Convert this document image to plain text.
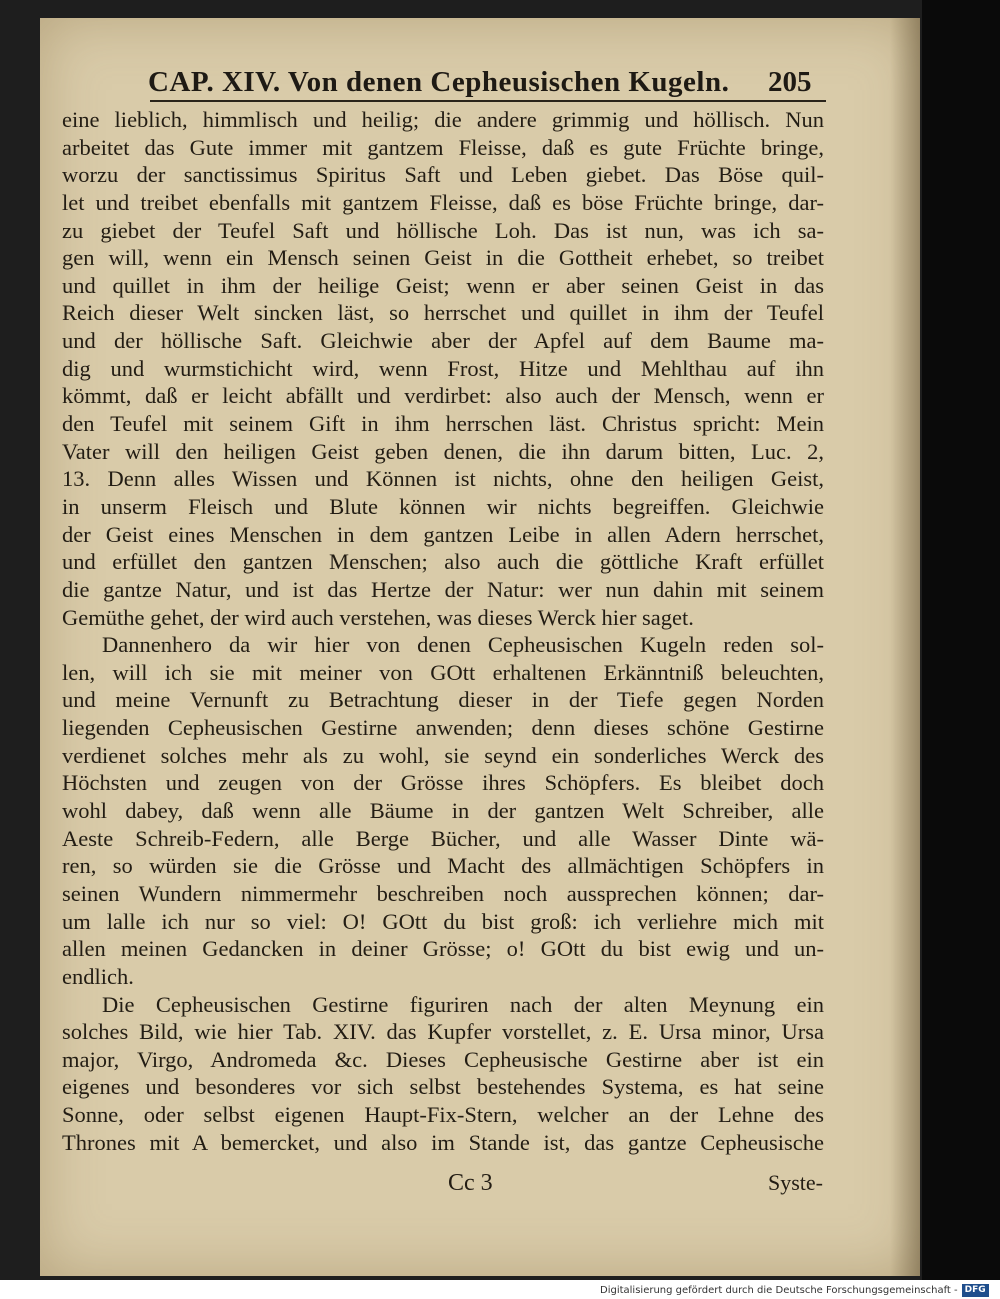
CAP. XIV. Von denen Cepheusischen Kugeln. 205
eine lieblich, himmlisch und heilig; die andere grimmig und höllisch. Nun
arbeitet das Gute immer mit gantzem Fleisse, daß es gute Früchte bringe,
worzu der sanctissimus Spiritus Saft und Leben giebet. Das Böse quil-
let und treibet ebenfalls mit gantzem Fleisse, daß es böse Früchte bringe, dar-
zu giebet der Teufel Saft und höllische Loh. Das ist nun, was ich sa-
gen will, wenn ein Mensch seinen Geist in die Gottheit erhebet, so treibet
und quillet in ihm der heilige Geist; wenn er aber seinen Geist in das
Reich dieser Welt sincken läst, so herrschet und quillet in ihm der Teufel
und der höllische Saft. Gleichwie aber der Apfel auf dem Baume ma-
dig und wurmstichicht wird, wenn Frost, Hitze und Mehlthau auf ihn
kömmt, daß er leicht abfällt und verdirbet: also auch der Mensch, wenn er
den Teufel mit seinem Gift in ihm herrschen läst. Christus spricht: Mein
Vater will den heiligen Geist geben denen, die ihn darum bitten, Luc. 2,
13. Denn alles Wissen und Können ist nichts, ohne den heiligen Geist,
in unserm Fleisch und Blute können wir nichts begreiffen. Gleichwie
der Geist eines Menschen in dem gantzen Leibe in allen Adern herrschet,
und erfüllet den gantzen Menschen; also auch die göttliche Kraft erfüllet
die gantze Natur, und ist das Hertze der Natur: wer nun dahin mit seinem
Gemüthe gehet, der wird auch verstehen, was dieses Werck hier saget.
Dannenhero da wir hier von denen Cepheusischen Kugeln reden sol-
len, will ich sie mit meiner von GOtt erhaltenen Erkänntniß beleuchten,
und meine Vernunft zu Betrachtung dieser in der Tiefe gegen Norden
liegenden Cepheusischen Gestirne anwenden; denn dieses schöne Gestirne
verdienet solches mehr als zu wohl, sie seynd ein sonderliches Werck des
Höchsten und zeugen von der Grösse ihres Schöpfers. Es bleibet doch
wohl dabey, daß wenn alle Bäume in der gantzen Welt Schreiber, alle
Aeste Schreib-Federn, alle Berge Bücher, und alle Wasser Dinte wä-
ren, so würden sie die Grösse und Macht des allmächtigen Schöpfers in
seinen Wundern nimmermehr beschreiben noch aussprechen können; dar-
um lalle ich nur so viel: O! GOtt du bist groß: ich verliehre mich mit
allen meinen Gedancken in deiner Grösse; o! GOtt du bist ewig und un-
endlich.
Die Cepheusischen Gestirne figuriren nach der alten Meynung ein
solches Bild, wie hier Tab. XIV. das Kupfer vorstellet, z. E. Ursa minor, Ursa
major, Virgo, Andromeda &c. Dieses Cepheusische Gestirne aber ist ein
eigenes und besonderes vor sich selbst bestehendes Systema, es hat seine
Sonne, oder selbst eigenen Haupt-Fix-Stern, welcher an der Lehne des
Thrones mit A bemercket, und also im Stande ist, das gantze Cepheusische
Cc 3	Syste-
Digitalisierung gefördert durch die Deutsche Forschungsgemeinschaft - DFG
